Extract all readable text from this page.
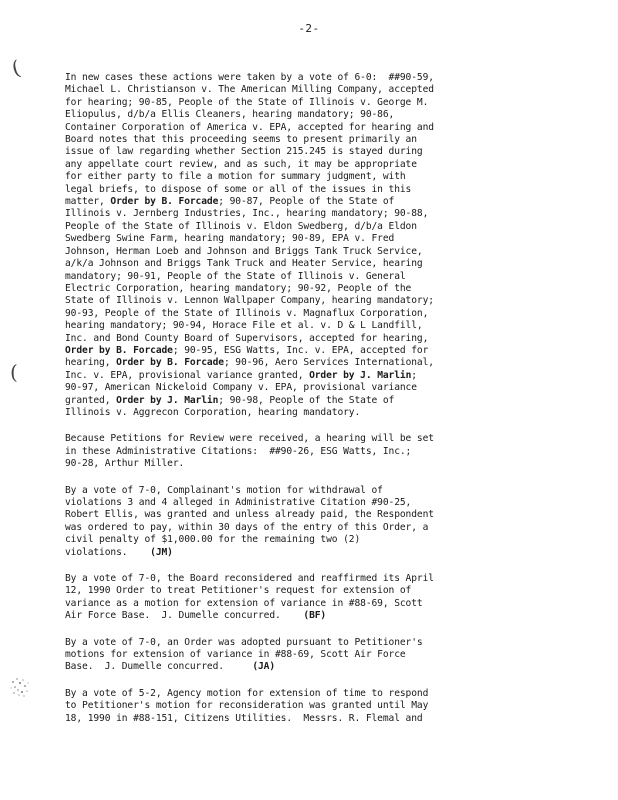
-2-
(
(
In new cases these actions were taken by a vote of 6-0:  ##90-59,
Michael L. Christianson v. The American Milling Company, accepted
for hearing; 90-85, People of the State of Illinois v. George M.
Eliopulus, d/b/a Ellis Cleaners, hearing mandatory; 90-86,
Container Corporation of America v. EPA, accepted for hearing and
Board notes that this proceeding seems to present primarily an
issue of law regarding whether Section 215.245 is stayed during
any appellate court review, and as such, it may be appropriate
for either party to file a motion for summary judgment, with
legal briefs, to dispose of some or all of the issues in this
matter, Order by B. Forcade; 90-87, People of the State of
Illinois v. Jernberg Industries, Inc., hearing mandatory; 90-88,
People of the State of Illinois v. Eldon Swedberg, d/b/a Eldon
Swedberg Swine Farm, hearing mandatory; 90-89, EPA v. Fred
Johnson, Herman Loeb and Johnson and Briggs Tank Truck Service,
a/k/a Johnson and Briggs Tank Truck and Heater Service, hearing
mandatory; 90-91, People of the State of Illinois v. General
Electric Corporation, hearing mandatory; 90-92, People of the
State of Illinois v. Lennon Wallpaper Company, hearing mandatory;
90-93, People of the State of Illinois v. Magnaflux Corporation,
hearing mandatory; 90-94, Horace File et al. v. D & L Landfill,
Inc. and Bond County Board of Supervisors, accepted for hearing,
Order by B. Forcade; 90-95, ESG Watts, Inc. v. EPA, accepted for
hearing, Order by B. Forcade; 90-96, Aero Services International,
Inc. v. EPA, provisional variance granted, Order by J. Marlin;
90-97, American Nickeloid Company v. EPA, provisional variance
granted, Order by J. Marlin; 90-98, People of the State of
Illinois v. Aggrecon Corporation, hearing mandatory.
Because Petitions for Review were received, a hearing will be set
in these Administrative Citations:  ##90-26, ESG Watts, Inc.;
90-28, Arthur Miller.
By a vote of 7-0, Complainant's motion for withdrawal of
violations 3 and 4 alleged in Administrative Citation #90-25,
Robert Ellis, was granted and unless already paid, the Respondent
was ordered to pay, within 30 days of the entry of this Order, a
civil penalty of $1,000.00 for the remaining two (2)
violations.    (JM)
By a vote of 7-0, the Board reconsidered and reaffirmed its April
12, 1990 Order to treat Petitioner's request for extension of
variance as a motion for extension of variance in #88-69, Scott
Air Force Base.  J. Dumelle concurred.    (BF)
By a vote of 7-0, an Order was adopted pursuant to Petitioner's
motions for extension of variance in #88-69, Scott Air Force
Base.  J. Dumelle concurred.     (JA)
By a vote of 5-2, Agency motion for extension of time to respond
to Petitioner's motion for reconsideration was granted until May
18, 1990 in #88-151, Citizens Utilities.  Messrs. R. Flemal and
